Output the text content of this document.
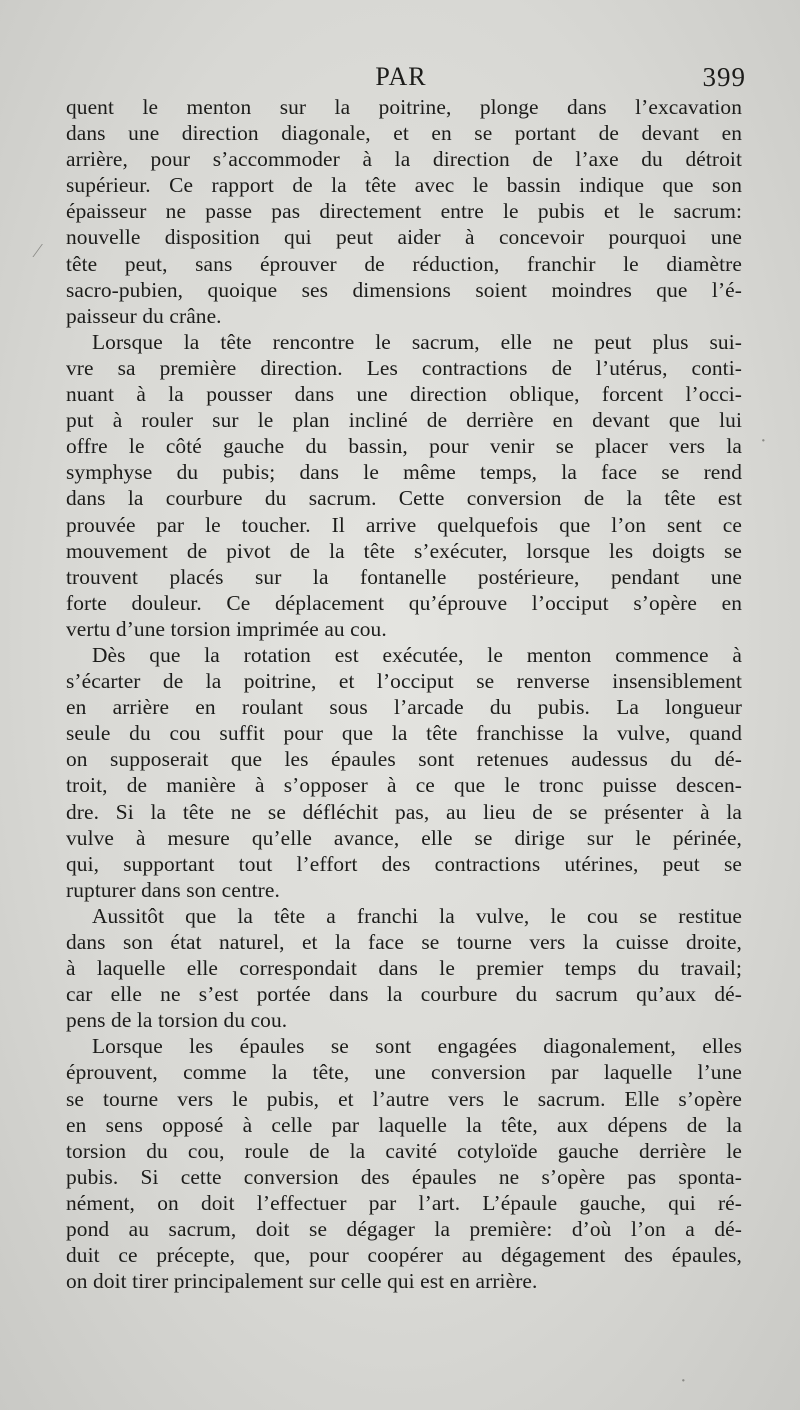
PAR	399
quent le menton sur la poitrine, plonge dans l’excavation
dans une direction diagonale, et en se portant de devant en
arrière, pour s’accommoder à la direction de l’axe du détroit
supérieur. Ce rapport de la tête avec le bassin indique que son
épaisseur ne passe pas directement entre le pubis et le sacrum:
nouvelle disposition qui peut aider à concevoir pourquoi une
tête peut, sans éprouver de réduction, franchir le diamètre
sacro-pubien, quoique ses dimensions soient moindres que l’é-
paisseur du crâne.
Lorsque la tête rencontre le sacrum, elle ne peut plus sui-
vre sa première direction. Les contractions de l’utérus, conti-
nuant à la pousser dans une direction oblique, forcent l’occi-
put à rouler sur le plan incliné de derrière en devant que lui
offre le côté gauche du bassin, pour venir se placer vers la
symphyse du pubis; dans le même temps, la face se rend
dans la courbure du sacrum. Cette conversion de la tête est
prouvée par le toucher. Il arrive quelquefois que l’on sent ce
mouvement de pivot de la tête s’exécuter, lorsque les doigts se
trouvent placés sur la fontanelle postérieure, pendant une
forte douleur. Ce déplacement qu’éprouve l’occiput s’opère en
vertu d’une torsion imprimée au cou.
Dès que la rotation est exécutée, le menton commence à
s’écarter de la poitrine, et l’occiput se renverse insensiblement
en arrière en roulant sous l’arcade du pubis. La longueur
seule du cou suffit pour que la tête franchisse la vulve, quand
on supposerait que les épaules sont retenues audessus du dé-
troit, de manière à s’opposer à ce que le tronc puisse descen-
dre. Si la tête ne se défléchit pas, au lieu de se présenter à la
vulve à mesure qu’elle avance, elle se dirige sur le périnée,
qui, supportant tout l’effort des contractions utérines, peut se
rupturer dans son centre.
Aussitôt que la tête a franchi la vulve, le cou se restitue
dans son état naturel, et la face se tourne vers la cuisse droite,
à laquelle elle correspondait dans le premier temps du travail;
car elle ne s’est portée dans la courbure du sacrum qu’aux dé-
pens de la torsion du cou.
Lorsque les épaules se sont engagées diagonalement, elles
éprouvent, comme la tête, une conversion par laquelle l’une
se tourne vers le pubis, et l’autre vers le sacrum. Elle s’opère
en sens opposé à celle par laquelle la tête, aux dépens de la
torsion du cou, roule de la cavité cotyloïde gauche derrière le
pubis. Si cette conversion des épaules ne s’opère pas sponta-
nément, on doit l’effectuer par l’art. L’épaule gauche, qui ré-
pond au sacrum, doit se dégager la première: d’où l’on a dé-
duit ce précepte, que, pour coopérer au dégagement des épaules,
on doit tirer principalement sur celle qui est en arrière.
⁄
·
·
